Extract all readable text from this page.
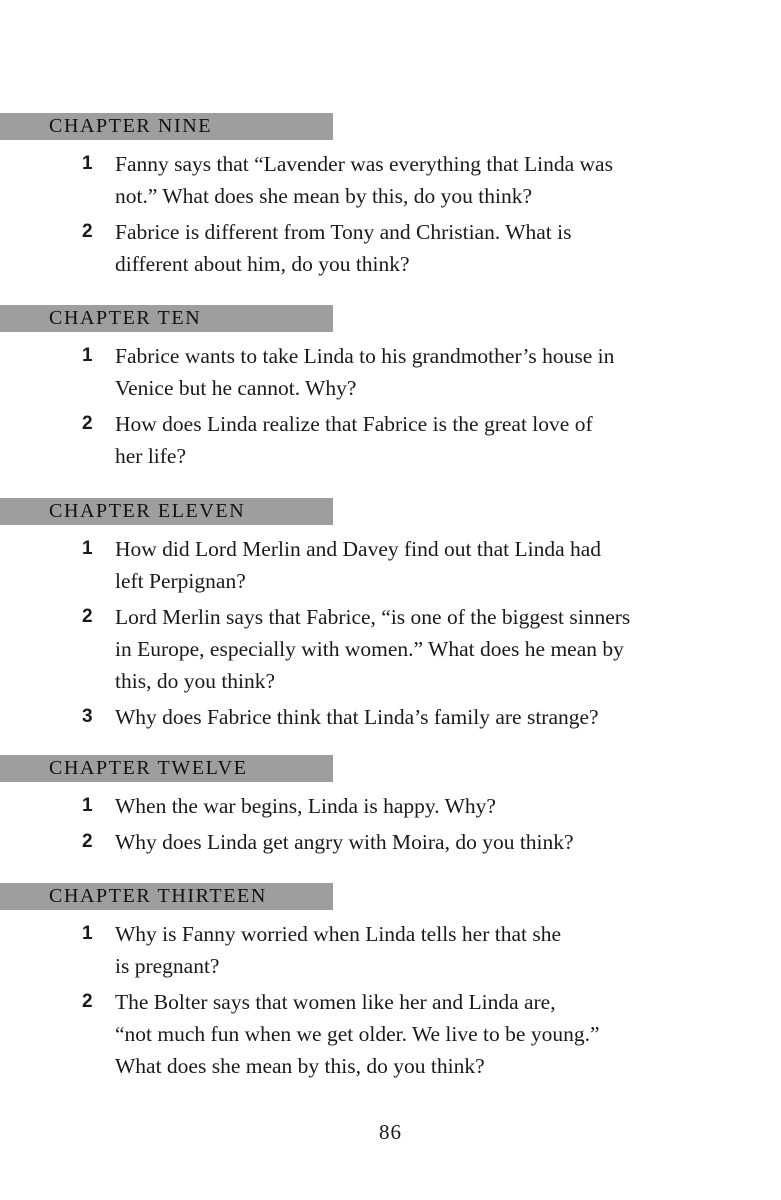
CHAPTER NINE
1	Fanny says that “Lavender was everything that Linda was
not.” What does she mean by this, do you think?
2	Fabrice is different from Tony and Christian. What is
different about him, do you think?
CHAPTER TEN
1	Fabrice wants to take Linda to his grandmother’s house in
Venice but he cannot. Why?
2	How does Linda realize that Fabrice is the great love of
her life?
CHAPTER ELEVEN
1	How did Lord Merlin and Davey find out that Linda had
left Perpignan?
2	Lord Merlin says that Fabrice, “is one of the biggest sinners
in Europe, especially with women.” What does he mean by
this, do you think?
3	Why does Fabrice think that Linda’s family are strange?
CHAPTER TWELVE
1	When the war begins, Linda is happy. Why?
2	Why does Linda get angry with Moira, do you think?
CHAPTER THIRTEEN
1	Why is Fanny worried when Linda tells her that she
is pregnant?
2	The Bolter says that women like her and Linda are,
“not much fun when we get older. We live to be young.”
What does she mean by this, do you think?
86
